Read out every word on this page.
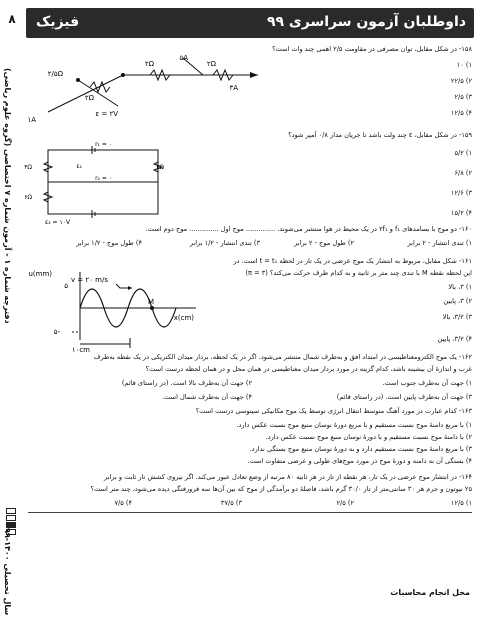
داوطلبان آزمون سراسری ۹۹
فیزیک
۸
دفترچه شماره ۱ - آزمون شماره ۷ اختصاصی (گروه علوم ریاضی)
سال تحصیلی ۱۴۰۰-۹۹
۱۵۸- در شکل مقابل، توان مصرفی در مقاومت ۲/۵ اهمی چند وات است؟
۱) ۱۰
۲) ۲۲/۵
۳) ۲/۵
۴) ۱۲/۵
۲/۵Ω
۵A
۲Ω	۲Ω
۲Ω
۳A
۱A
ε = ۲V
۱۵۹- در شکل مقابل، ε چند ولت باشد تا جریان مدار ۰/۸ آمپر شود؟
۱) ۵/۲
۲) ۶/۸
۳) ۱۲/۶
۴) ۱۵/۲
r₁ = ۰
r₂ = ۰
۴Ω	۳Ω
۶Ω
ε₁
ε₂ = ۱۰V
۱۶۰- دو موج با بسامدهای f₁ و ۲f₁ در یک محیط در هوا منتشر می‌شوند. .............. موج اول .............. موج دوم است.
۱) تندی انتشار - ۲ برابر
۲) طول موج - ۲ برابر
۳) تندی انتشار - ۱/۲ برابر
۴) طول موج - ۱/۲ برابر
۱۶۱- شکل مقابل، مربوط به انتشار یک موج عرضی در یک تار در لحظه t = t₁ است. در
این لحظه نقطه M با تندی چند متر بر ثانیه و به کدام طرف حرکت می‌کند؟ (π = ۳)
۱) ۳، بالا
۲) ۳، پایین
۳) ۳/۲، بالا
۴) ۳/۲، پایین
u(mm)
x(cm)
v = ۲۰ m/s
M
۵
-۵
۱۰cm
۱۶۲- یک موج الکترومغناطیسی در امتداد افق و به‌طرف شمال منتشر می‌شود. اگر در یک لحظه، بردار میدان الکتریکی در یک نقطه به‌طرف
غرب و اندازهٔ آن بیشینه باشد، کدام گزینه در مورد بردار میدان مغناطیسی در همان محل و در همان لحظه درست است؟
۱) جهت آن به‌طرف جنوب است.
۲) جهت آن به‌طرف بالا است. (در راستای قائم)
۳) جهت آن به‌طرف پایین است. (در راستای قائم)
۴) جهت آن به‌طرف شمال است.
۱۶۳- کدام عبارت در مورد آهنگ متوسط انتقال انرژی توسط یک موج مکانیکی سینوسی درست است؟
۱) با مربع دامنهٔ موج نسبت مستقیم و با مربع دورهٔ نوسان منبع موج نسبت عکس دارد.
۲) با دامنهٔ موج نسبت مستقیم و با دورهٔ نوسان منبع موج نسبت عکس دارد.
۳) با مربع دامنهٔ موج نسبت مستقیم دارد و به دورهٔ نوسان منبع موج بستگی ندارد.
۴) بستگی آن به دامنه و دورهٔ موج در مورد موج‌های طولی و عرضی متفاوت است.
۱۶۴- در انتشار موج عرضی در یک تار، هر نقطه از تار در هر ثانیه ۸۰ مرتبه از وضع تعادل عبور می‌کند. اگر نیروی کشش تار ثابت و برابر
۲۵ نیوتون و جرم هر ۳۰ سانتی‌متر از تار ۳۰/۰ گرم باشد، فاصلهٔ دو برآمدگی از موج که بین آن‌ها سه فرورفتگی دیده می‌شود، چند متر است؟
۱) ۱۲/۵
۲) ۲/۵
۳) ۳۷/۵
۴) ۷/۵
محل انجام محاسبات
